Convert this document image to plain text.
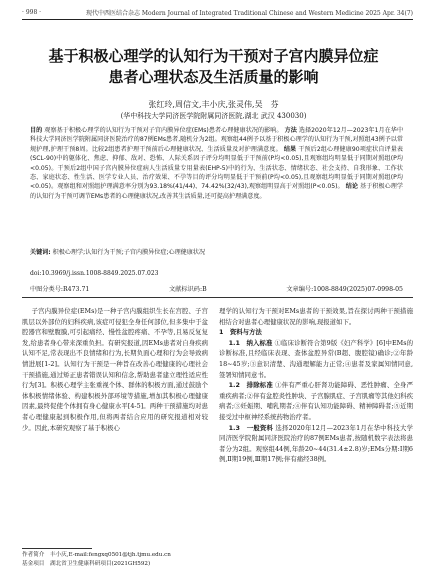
· 998 ·	现代中西医结合杂志 Modern Journal of Integrated Traditional Chinese and Western Medicine 2025 Apr. 34(7)
基于积极心理学的认知行为干预对子宫内膜异位症
患者心理状态及生活质量的影响
张红玲,周信文,丰小庆,张灵伟,吴　芬
(华中科技大学同济医学院附属同济医院,湖北 武汉 430030)
目的 观察基于积极心理学的认知行为干预对子宫内膜异位症(EMs)患者心理健康状况的影响。 方法 选择2020年12月—2023年1月在华中科技大学同济医学院附属同济医院治疗的87例EMs患者,随机分为2组。观察组44例予以基于积极心理学的认知行为干预,对照组43例予以常规护理,护理干预8周。比较2组患者护理干预前后心理健康状况、生活质量及对护理满意度。 结果 干预后2组心理健康90项症状自评量表(SCL-90)中的躯体化、焦虑、抑郁、敌对、恐怖、人际关系因子评分均明显低于干预前(P均<0.05),且观察组均明显低于同期对照组(P均<0.05)。干预后2组中国子宫内膜异位症病人生活质量专用量表(EHP-5)中的行为、生活状态、情绪状态、社会支持、自我形象、工作状态、家庭状态、性生活、医学专业人员、治疗效果、不孕等目的评分均明显低于干预前(P均<0.05),且观察组均明显低于同期对照组(P均<0.05)。观察组和对照组护理满意率分别为93.18%(41/44)、74.42%(32/43),观察组明显高于对照组(P<0.05)。 结论 基于积极心理学的认知行为干预可调节EMs患者的心理健康状况,改善其生活质量,还可提高护理满意度。
关键词: 积极心理学;认知行为干预;子宫内膜异位症;心理健康状况
doi:10.3969/j.issn.1008-8849.2025.07.023
中图分类号:R473.71	文献标识码:B	文章编号:1008-8849(2025)07-0998-05

子宫内膜异位症(EMs)是一种子宫内膜组织生长在宫腔、子宫肌层以外部位的妇科疾病,该症可侵犯全身任何部位,但多集中于盆腔器官和壁腹膜,可引起痛经、慢性盆腔疼痛、不孕等,且易反复复发,给患者身心带来深重负担。有研究报道,因EMs患者对自身疾病认知不足,常表现出不良情绪和行为,长期负面心理和行为会导致病情进展[1-2]。认知行为干预是一种旨在改善心理健康的心理社会干预措施,通过矫正患者错误认知和信念,帮助患者建立理性适应性行为[3]。积极心理学主张重视个体、群体的积极方面,通过鼓励个体积极情绪体验、构建积极外部环境等措施,增加其积极心理健康因素,最终促使个体拥有身心健康水平[4-5]。两种干预措施均对患者心理健康起到积极作用,但将两者结合应用的研究报道相对较少。因此,本研究观察了基于积极心

理学的认知行为干预对EMs患者的干预效果,旨在探讨两种干预措施相结合对患者心理健康状况的影响,现报道如下。

1　资料与方法

1.1　纳入标准 ①临床诊断符合第9版《妇产科学》[6]中EMs的诊断标准,且经临床表现、查体盆腔异常(B超、腹腔镜)确诊;②年龄18~45岁;③意识清楚、沟通理解能力正常;④患者及家属知情同意,签署知情同意书。

1.2　排除标准 ①伴有严重心肝肾功能障碍、恶性肿瘤、全身严重疾病者;②伴有盆腔炎性肿块、子宫腺肌症、子宫肌瘤等其他妇科疾病者;③妊娠期、哺乳期者;④伴有认知功能障碍、精神障碍者;⑤近期接受过中枢神经系统药物治疗者。

1.3　一般资料 选择2020年12月—2023年1月在华中科技大学同济医学院附属同济医院治疗的87例EMs患者,按随机数字表法将患者分为2组。观察组44例,年龄20~44(31.4±2.8)岁;EMs分期:Ⅰ期6例,Ⅱ期19例,Ⅲ期17例;伴有痛经38例。

作者简介　丰小庆,E-mail:fengxq0501@tjh.tjmu.edu.cn
基金项目　湖北省卫生健康科研项目(2021GH592)
